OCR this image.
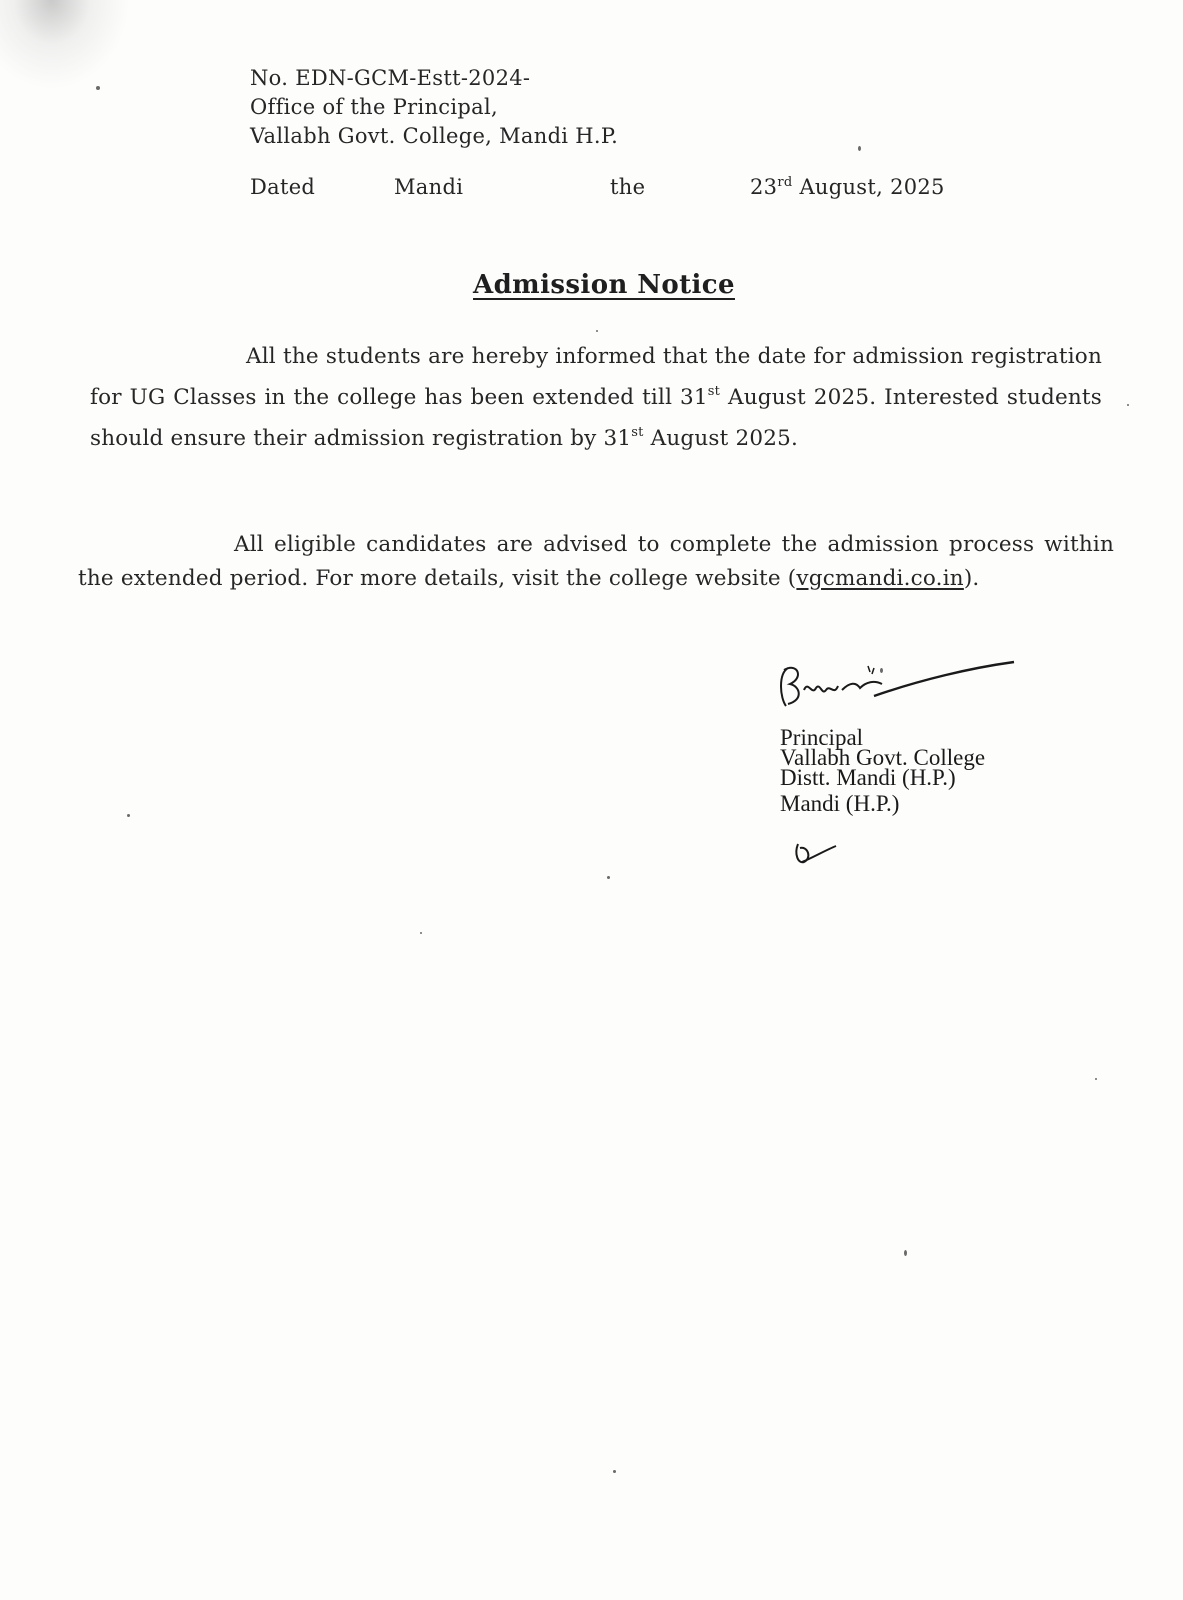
No. EDN-GCM-Estt-2024-
Office of the Principal,
Vallabh Govt. College, Mandi H.P.
Dated	Mandi	the	23rd August, 2025
Admission Notice
All the students are hereby informed that the date for admission registration for UG Classes in the college has been extended till 31st August 2025. Interested students should ensure their admission registration by 31st August 2025.
All eligible candidates are advised to complete the admission process within the extended period. For more details, visit the college website (vgcmandi.co.in).
Principal
Vallabh Govt. College
Distt. Mandi (H.P.)
Mandi (H.P.)
